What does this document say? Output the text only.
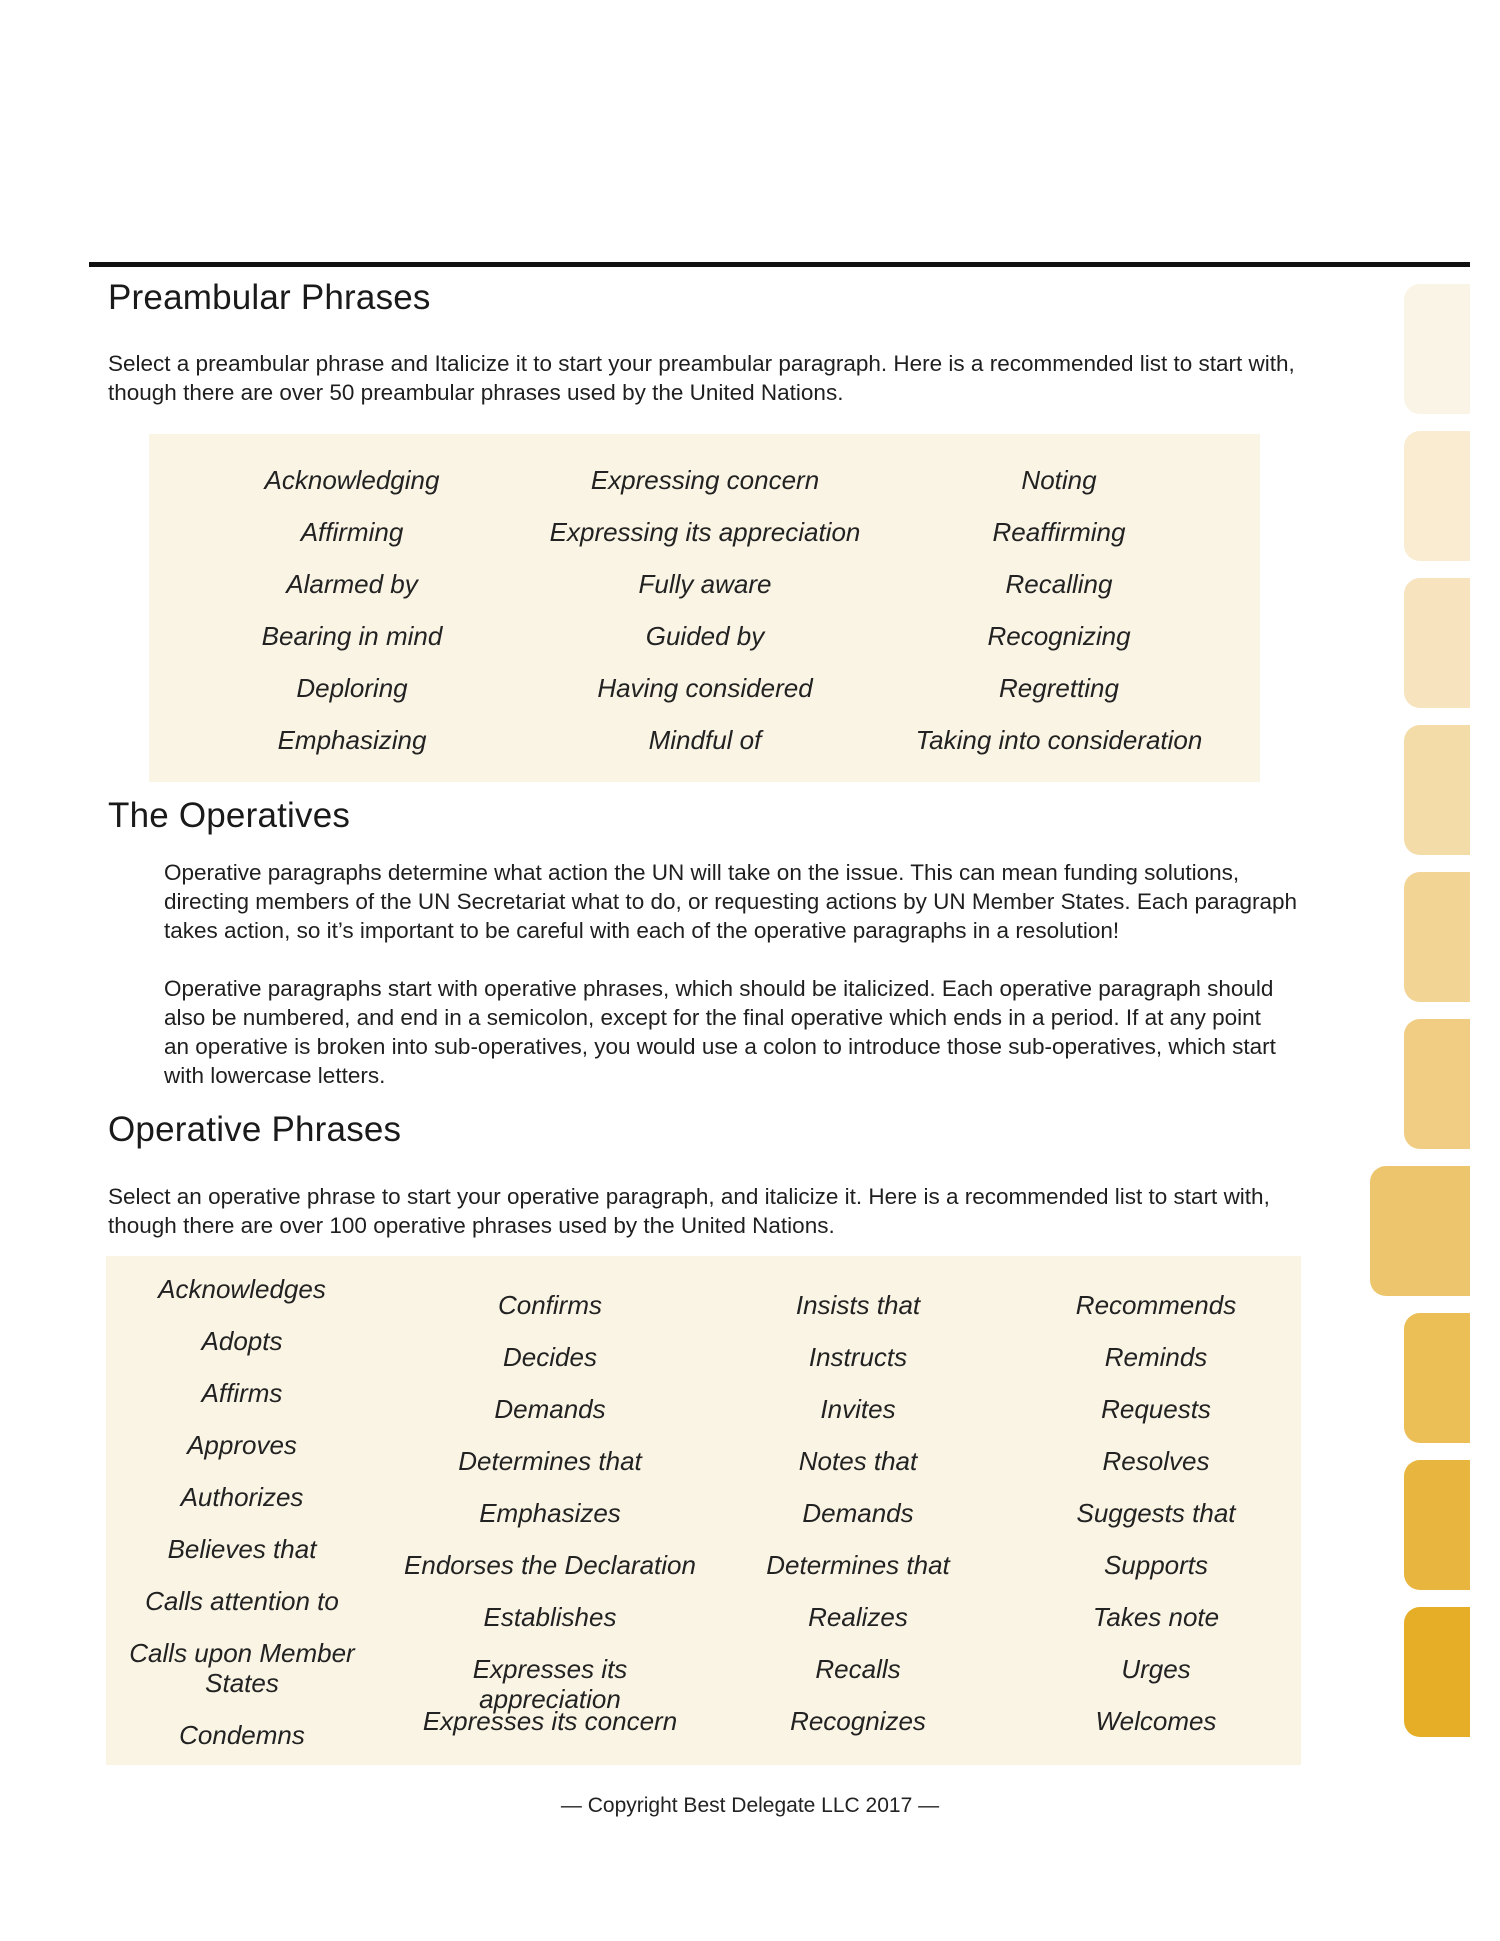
Preambular Phrases

Select a preambular phrase and Italicize it to start your preambular paragraph. Here is a recommended list to start with, though there are over 50 preambular phrases used by the United Nations.

Acknowledging
Affirming
Alarmed by
Bearing in mind
Deploring
Emphasizing
Expressing concern
Expressing its appreciation
Fully aware
Guided by
Having considered
Mindful of
Noting
Reaffirming
Recalling
Recognizing
Regretting
Taking into consideration
The Operatives

Operative paragraphs determine what action the UN will take on the issue. This can mean funding solutions, directing members of the UN Secretariat what to do, or requesting actions by UN Member States. Each paragraph takes action, so it’s important to be careful with each of the operative paragraphs in a resolution!

Operative paragraphs start with operative phrases, which should be italicized. Each operative paragraph should also be numbered, and end in a semicolon, except for the final operative which ends in a period. If at any point an operative is broken into sub-operatives, you would use a colon to introduce those sub-operatives, which start with lowercase letters.

Operative Phrases

Select an operative phrase to start your operative paragraph, and italicize it. Here is a recommended list to start with, though there are over 100 operative phrases used by the United Nations.

Acknowledges
Adopts
Affirms
Approves
Authorizes
Believes that
Calls attention to
Calls upon Member States
Condemns
Confirms
Decides
Demands
Determines that
Emphasizes
Endorses the Declaration
Establishes
Expresses its appreciation
Expresses its concern
Insists that
Instructs
Invites
Notes that
Demands
Determines that
Realizes
Recalls
Recognizes
Recommends
Reminds
Requests
Resolves
Suggests that
Supports
Takes note
Urges
Welcomes
— Copyright Best Delegate LLC 2017 —
